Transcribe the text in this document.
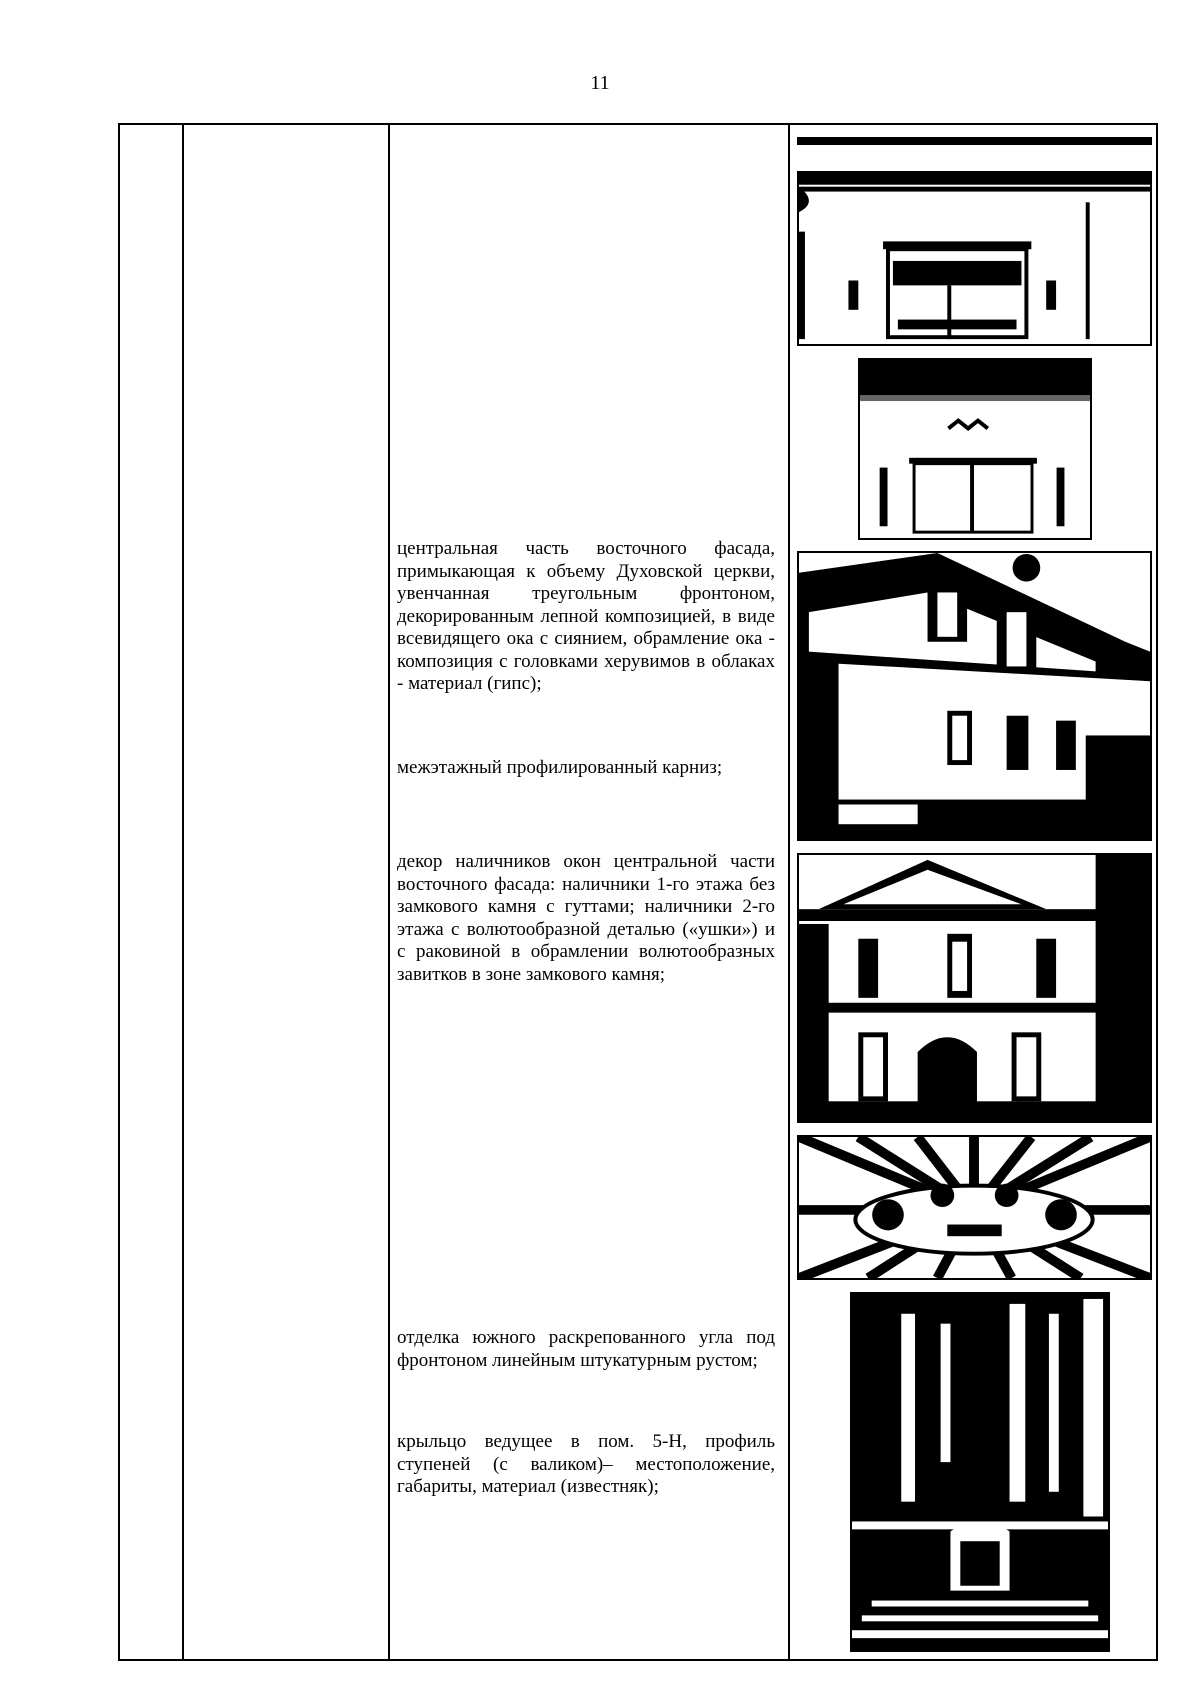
11

центральная часть восточного фасада, примыкающая к объему Духовской церкви, увенчанная треугольным фронтоном, декорированным лепной композицией, в виде всевидящего ока с сиянием, обрамление ока - композиция с головками херувимов в облаках - материал (гипс);

межэтажный профилированный карниз;

декор наличников окон центральной части восточного фасада: наличники 1-го этажа без замкового камня с гуттами; наличники 2-го этажа с волютообразной деталью («ушки») и с раковиной в обрамлении волютообразных завитков в зоне замкового камня;

отделка южного раскрепованного угла под фронтоном линейным штукатурным рустом;

крыльцо ведущее в пом. 5-Н, профиль ступеней (с валиком)– местоположение, габариты, материал (известняк);
